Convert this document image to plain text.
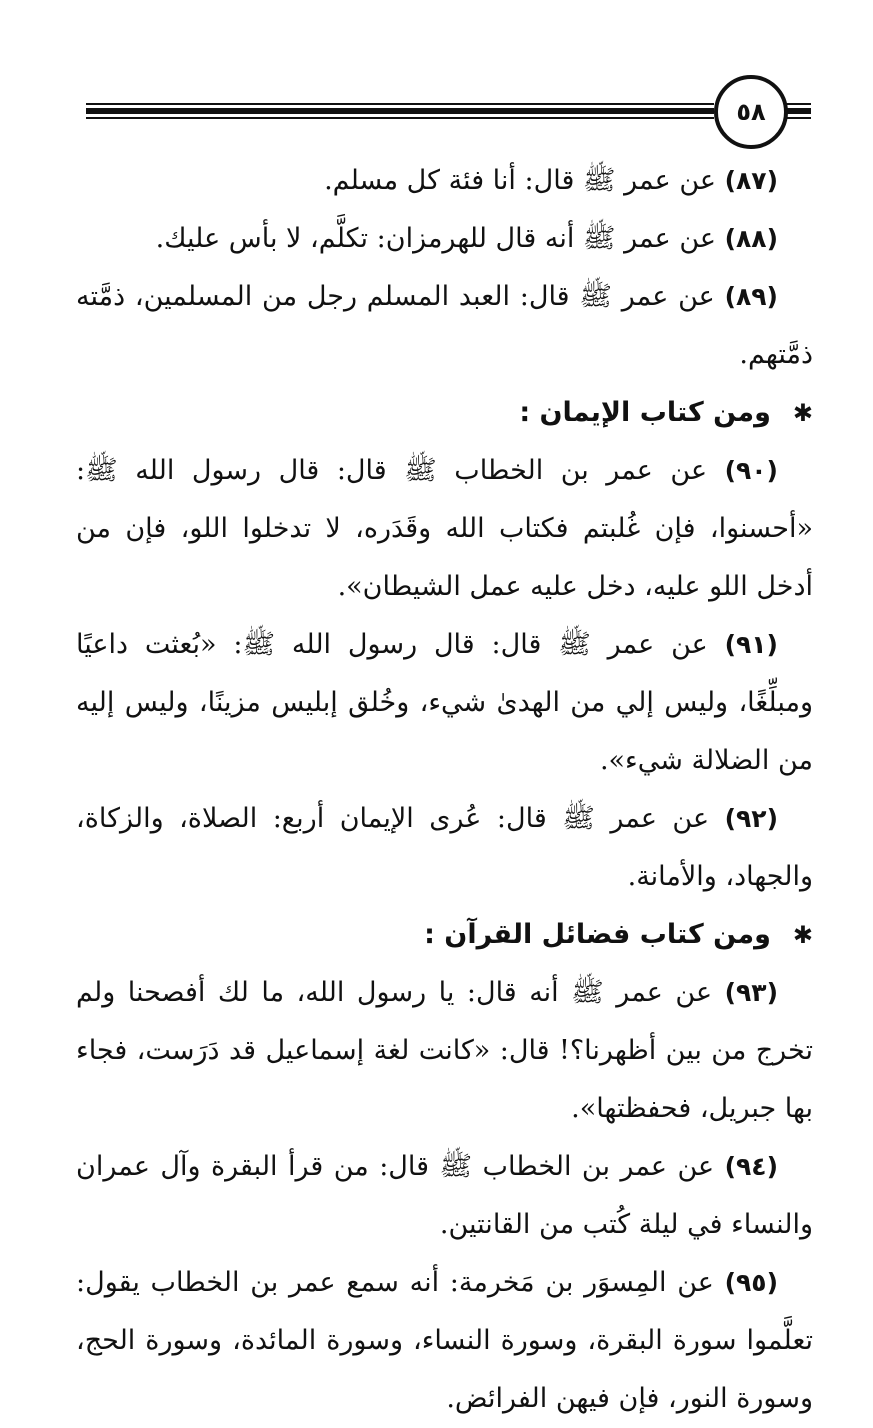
٥٨

(٨٧) عن عمر ﷺ قال: أنا فئة كل مسلم.

(٨٨) عن عمر ﷺ أنه قال للهرمزان: تكلَّم، لا بأس عليك.

(٨٩) عن عمر ﷺ قال: العبد المسلم رجل من المسلمين، ذمَّته ذمَّتهم.

✱ومن كتاب الإيمان :

(٩٠) عن عمر بن الخطاب ﷺ قال: قال رسول الله ﷺ: «أحسنوا، فإن غُلبتم فكتاب الله وقَدَره، لا تدخلوا اللو، فإن من أدخل اللو عليه، دخل عليه عمل الشيطان».

(٩١) عن عمر ﷺ قال: قال رسول الله ﷺ: «بُعثت داعيًا ومبلِّغًا، وليس إلي من الهدىٰ شيء، وخُلق إبليس مزينًا، وليس إليه من الضلالة شيء».

(٩٢) عن عمر ﷺ قال: عُرى الإيمان أربع: الصلاة، والزكاة، والجهاد، والأمانة.

✱ومن كتاب فضائل القرآن :

(٩٣) عن عمر ﷺ أنه قال: يا رسول الله، ما لك أفصحنا ولم تخرج من بين أظهرنا؟! قال: «كانت لغة إسماعيل قد دَرَست، فجاء بها جبريل، فحفظتها».

(٩٤) عن عمر بن الخطاب ﷺ قال: من قرأ البقرة وآل عمران والنساء في ليلة كُتب من القانتين.

(٩٥) عن المِسوَر بن مَخرمة: أنه سمع عمر بن الخطاب يقول: تعلَّموا سورة البقرة، وسورة النساء، وسورة المائدة، وسورة الحج، وسورة النور، فإن فيهن الفرائض.
